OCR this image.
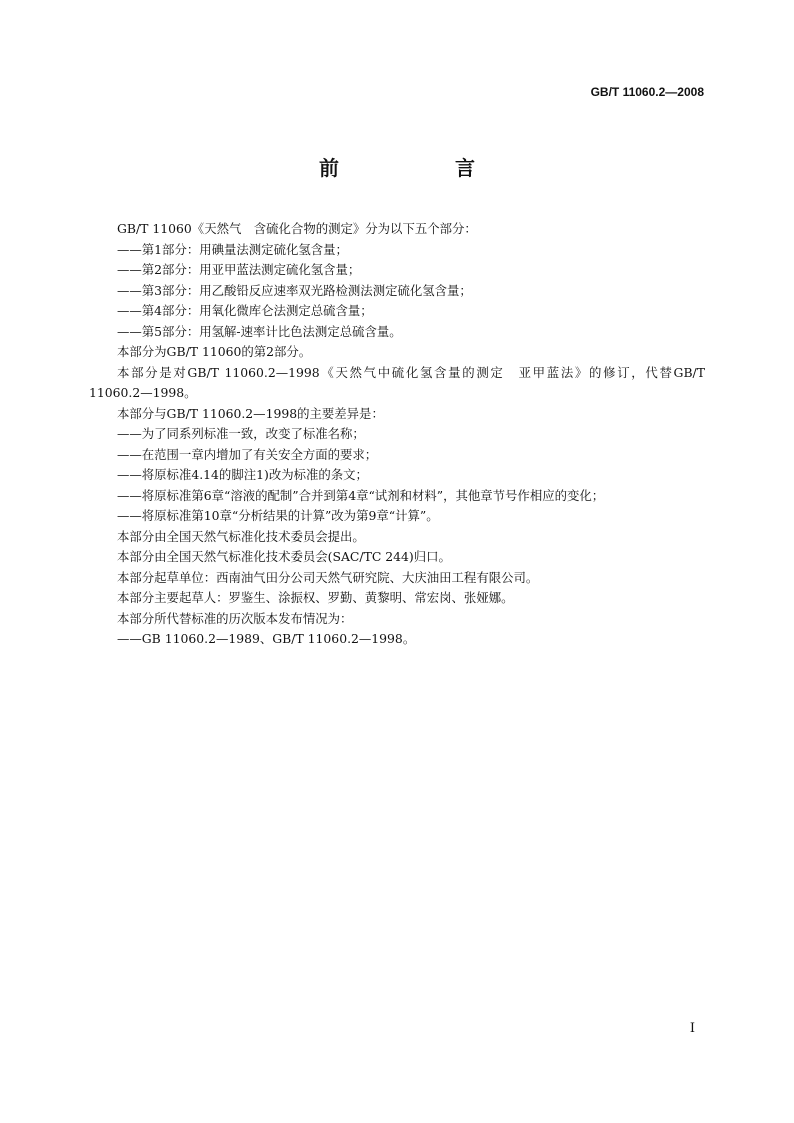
GB/T 11060.2—2008
前　言

GB/T 11060《天然气　含硫化合物的测定》分为以下五个部分：

——第1部分：用碘量法测定硫化氢含量；

——第2部分：用亚甲蓝法测定硫化氢含量；

——第3部分：用乙酸铅反应速率双光路检测法测定硫化氢含量；

——第4部分：用氧化微库仑法测定总硫含量；

——第5部分：用氢解-速率计比色法测定总硫含量。

本部分为GB/T 11060的第2部分。

本部分是对GB/T 11060.2—1998《天然气中硫化氢含量的测定　亚甲蓝法》的修订，代替GB/T 11060.2—1998。

本部分与GB/T 11060.2—1998的主要差异是：

——为了同系列标准一致，改变了标准名称；

——在范围一章内增加了有关安全方面的要求；

——将原标准4.14的脚注1)改为标准的条文；

——将原标准第6章“溶液的配制”合并到第4章“试剂和材料”，其他章节号作相应的变化；

——将原标准第10章“分析结果的计算”改为第9章“计算”。

本部分由全国天然气标准化技术委员会提出。

本部分由全国天然气标准化技术委员会(SAC/TC 244)归口。

本部分起草单位：西南油气田分公司天然气研究院、大庆油田工程有限公司。

本部分主要起草人：罗鉴生、涂振权、罗勤、黄黎明、常宏岗、张娅娜。

本部分所代替标准的历次版本发布情况为：

——GB 11060.2—1989、GB/T 11060.2—1998。

I
